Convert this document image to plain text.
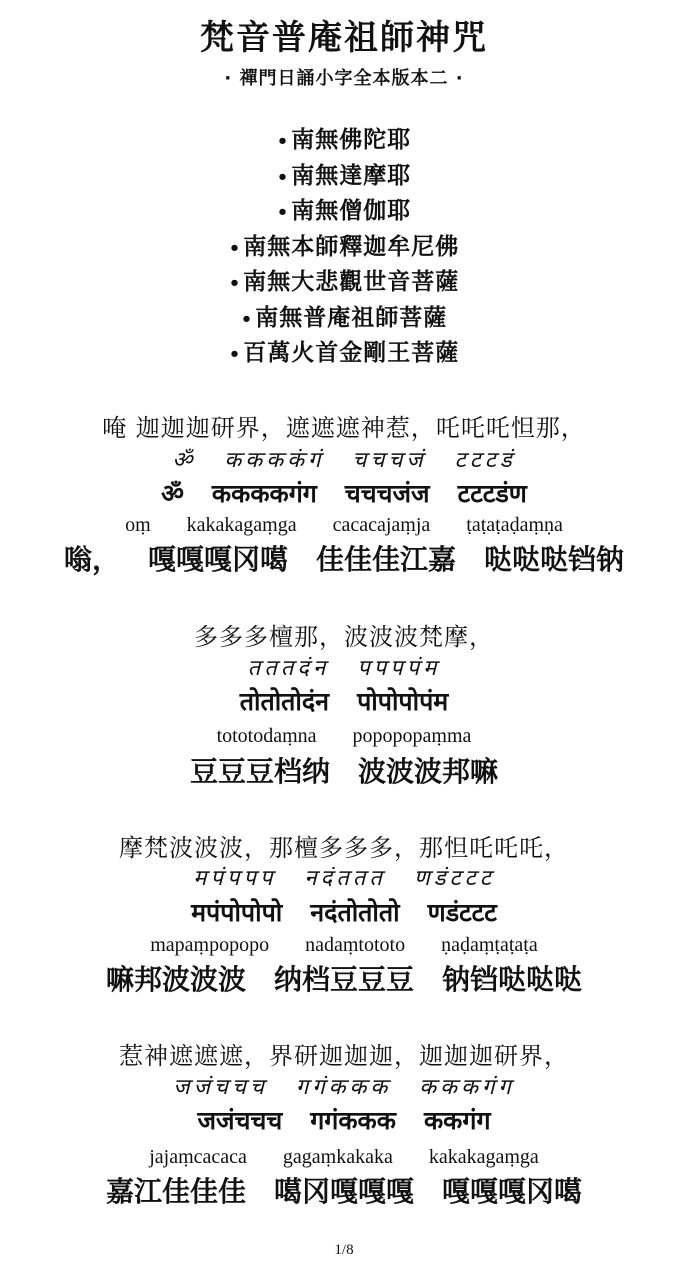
梵音普庵祖師神咒
· 禪門日誦小字全本版本二 ·
•南無佛陀耶
•南無達摩耶
•南無僧伽耶
•南無本師釋迦牟尼佛
•南無大悲觀世音菩薩
•南無普庵祖師菩薩
•百萬火首金剛王菩薩
唵 迦迦迦研界，遮遮遮神惹，吒吒吒怛那，
ॐ ककककंगं चचचजं टटटडं
ॐ ककककगंग चचचजंज टटटडंण
oṃ kakakagaṃga cacacajaṃja ṭaṭaṭaḍaṃṇa
嗡， 嘎嘎嘎冈噶 佳佳佳江嘉 哒哒哒铛钠
多多多檀那，波波波梵摩，
तततदंन पपपपंम
तोतोतोदंन पोपोपोपंम
tototodaṃna popopopaṃma
豆豆豆档纳 波波波邦嘛
摩梵波波波，那檀多多多，那怛吒吒吒，
मपंपपप नदंततत णडंटटट
मपंपोपोपो नदंतोतोतो णडंटटट
mapaṃpopopo nadaṃtototo ṇaḍaṃṭaṭaṭa
嘛邦波波波 纳档豆豆豆 钠铛哒哒哒
惹神遮遮遮，界研迦迦迦，迦迦迦研界，
जजंचचच गगंककक कककगंग
जजंचचच गगंककक ककगंग
jajaṃcacaca gagaṃkakaka kakakagaṃga
嘉江佳佳佳 噶冈嘎嘎嘎 嘎嘎嘎冈噶
1/8
